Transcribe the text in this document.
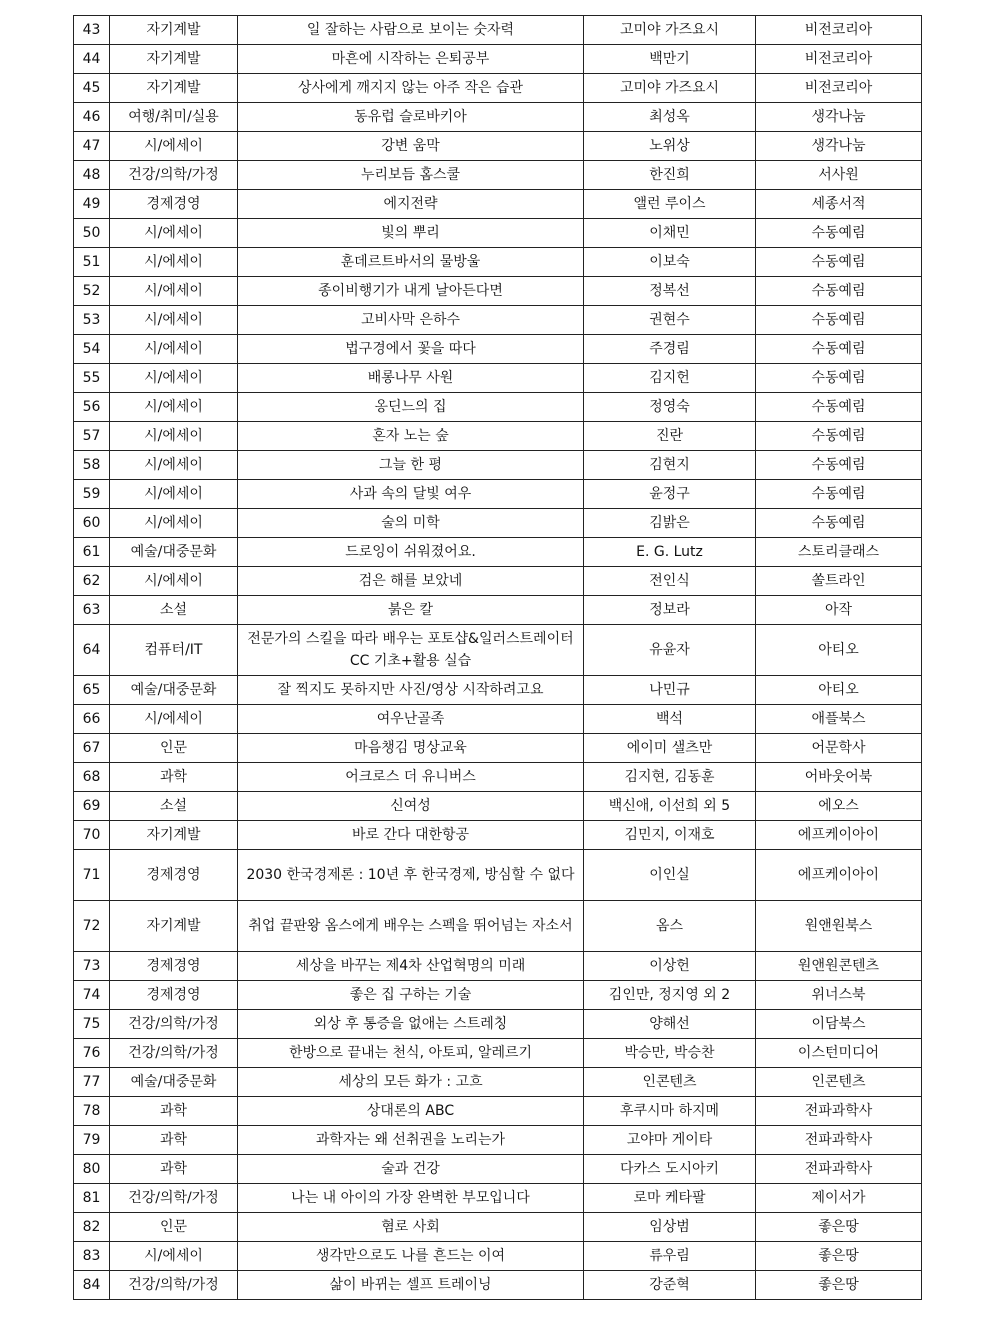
43	자기계발	일 잘하는 사람으로 보이는 숫자력	고미야 가즈요시	비전코리아
44	자기계발	마흔에 시작하는 은퇴공부	백만기	비전코리아
45	자기계발	상사에게 깨지지 않는 아주 작은 습관	고미야 가즈요시	비전코리아
46	여행/취미/실용	동유럽 슬로바키아	최성옥	생각나눔
47	시/에세이	강변 움막	노위상	생각나눔
48	건강/의학/가정	누리보듬 홈스쿨	한진희	서사원
49	경제경영	에지전략	앨런 루이스	세종서적
50	시/에세이	빛의 뿌리	이채민	수동예림
51	시/에세이	훈데르트바서의 물방울	이보숙	수동예림
52	시/에세이	종이비행기가 내게 날아든다면	정복선	수동예림
53	시/에세이	고비사막 은하수	권현수	수동예림
54	시/에세이	법구경에서 꽃을 따다	주경림	수동예림
55	시/에세이	배롱나무 사원	김지헌	수동예림
56	시/에세이	옹딘느의 집	정영숙	수동예림
57	시/에세이	혼자 노는 숲	진란	수동예림
58	시/에세이	그늘 한 평	김현지	수동예림
59	시/에세이	사과 속의 달빛 여우	윤정구	수동예림
60	시/에세이	술의 미학	김밝은	수동예림
61	예술/대중문화	드로잉이 쉬워졌어요.	E. G. Lutz	스토리클래스
62	시/에세이	검은 해를 보았네	전인식	쏠트라인
63	소설	붉은 칼	정보라	아작
64	컴퓨터/IT	전문가의 스킬을 따라 배우는 포토샵&일러스트레이터CC 기초+활용 실습	유윤자	아티오
65	예술/대중문화	잘 찍지도 못하지만 사진/영상 시작하려고요	나민규	아티오
66	시/에세이	여우난골족	백석	애플북스
67	인문	마음챙김 명상교육	에이미 샐츠만	어문학사
68	과학	어크로스 더 유니버스	김지현, 김동훈	어바웃어북
69	소설	신여성	백신애, 이선희 외 5	에오스
70	자기계발	바로 간다 대한항공	김민지, 이재호	에프케이아이
71	경제경영	2030 한국경제론 : 10년 후 한국경제, 방심할 수 없다	이인실	에프케이아이
72	자기계발	취업 끝판왕 옴스에게 배우는 스펙을 뛰어넘는 자소서	옴스	원앤원북스
73	경제경영	세상을 바꾸는 제4차 산업혁명의 미래	이상헌	원앤원콘텐츠
74	경제경영	좋은 집 구하는 기술	김인만, 정지영 외 2	위너스북
75	건강/의학/가정	외상 후 통증을 없애는 스트레칭	양해선	이담북스
76	건강/의학/가정	한방으로 끝내는 천식, 아토피, 알레르기	박승만, 박승찬	이스턴미디어
77	예술/대중문화	세상의 모든 화가 : 고흐	인콘텐츠	인콘텐츠
78	과학	상대론의 ABC	후쿠시마 하지메	전파과학사
79	과학	과학자는 왜 선취권을 노리는가	고야마 게이타	전파과학사
80	과학	술과 건강	다카스 도시아키	전파과학사
81	건강/의학/가정	나는 내 아이의 가장 완벽한 부모입니다	로마 케타팔	제이서가
82	인문	혐로 사회	임상범	좋은땅
83	시/에세이	생각만으로도 나를 흔드는 이여	류우림	좋은땅
84	건강/의학/가정	삶이 바뀌는 셀프 트레이닝	강준혁	좋은땅
